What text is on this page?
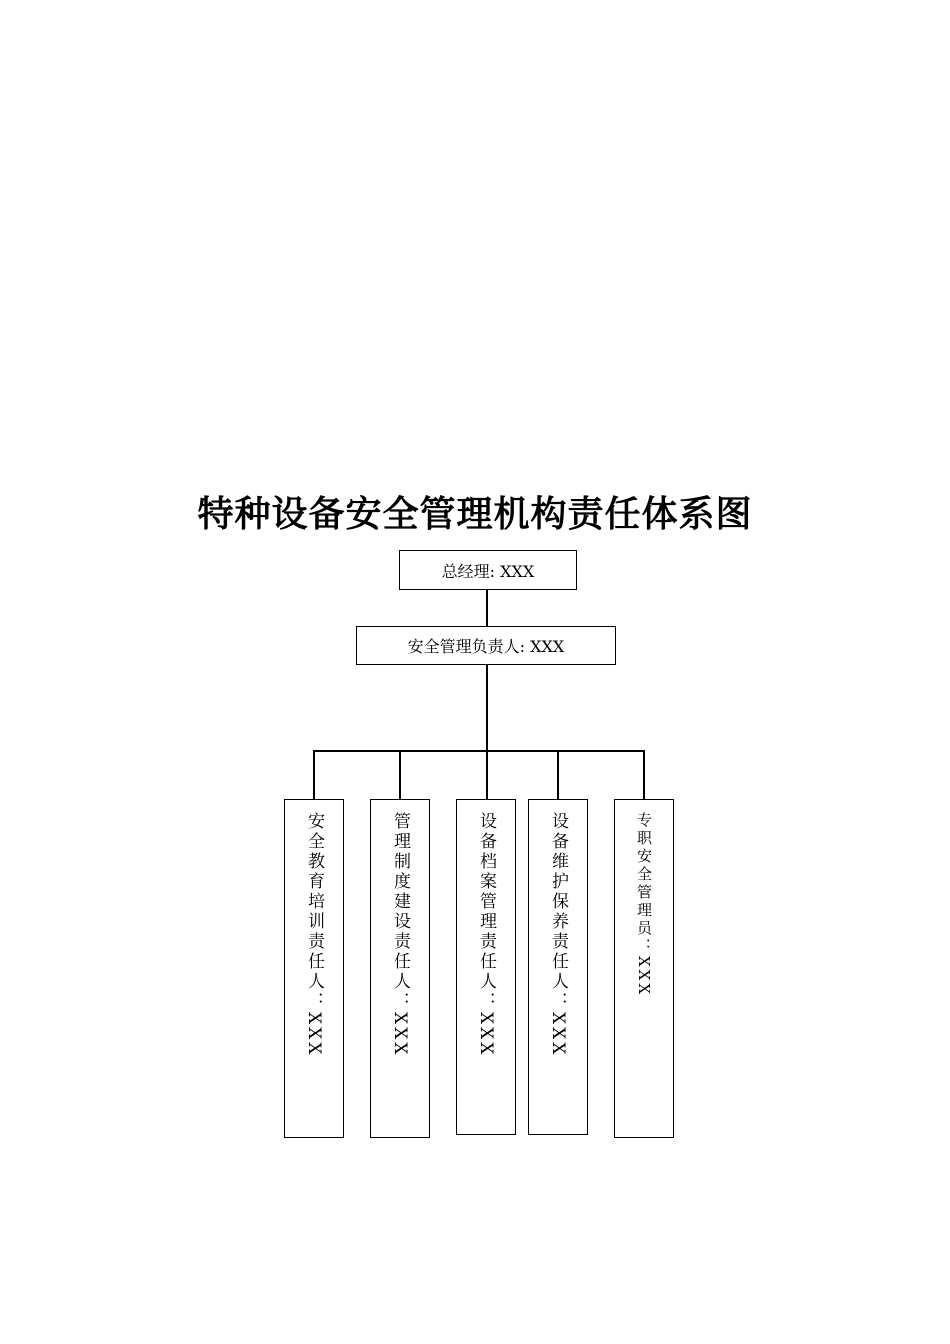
特种设备安全管理机构责任体系图
总经理: XXX
安全管理负责人: XXX
安全教育培训责任人：XXX	管理制度建设责任人：XXX	设备档案管理责任人：XXX	设备维护保养责任人：XXX	专职安全管理员：XXX
